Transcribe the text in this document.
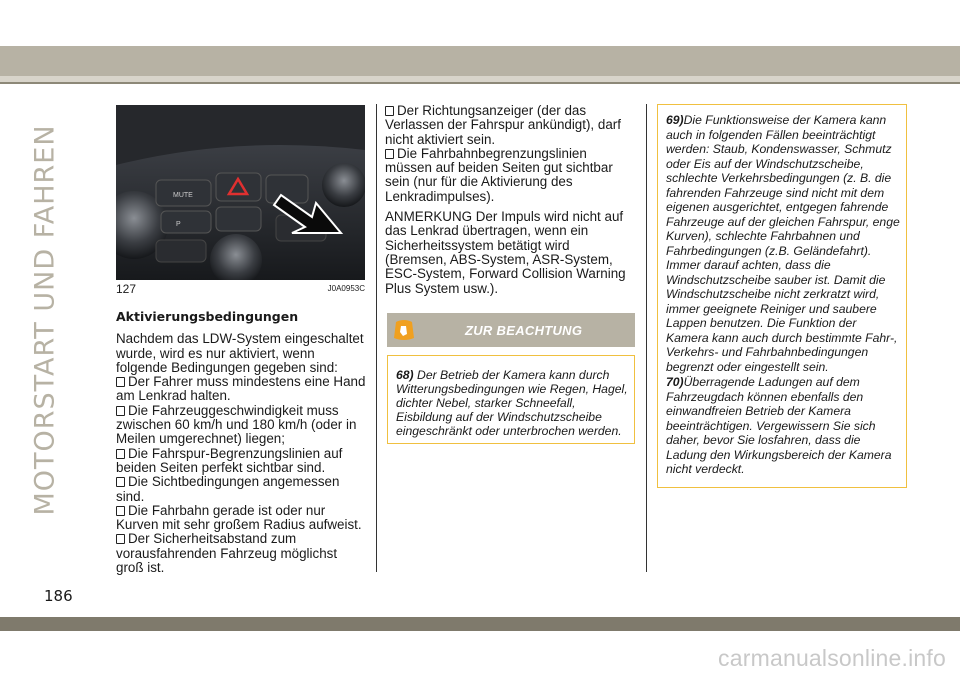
MOTORSTART UND FAHREN	MUTE
P
127	J0A0953C
Aktivierungsbedingungen

Nachdem das LDW-System eingeschaltet wurde, wird es nur aktiviert, wenn folgende Bedingungen gegeben sind:

Der Fahrer muss mindestens eine Hand am Lenkrad halten.

Die Fahrzeuggeschwindigkeit muss zwischen 60 km/h und 180 km/h (oder in Meilen umgerechnet) liegen;

Die Fahrspur-Begrenzungslinien auf beiden Seiten perfekt sichtbar sind.

Die Sichtbedingungen angemessen sind.

Die Fahrbahn gerade ist oder nur Kurven mit sehr großem Radius aufweist.

Der Sicherheitsabstand zum vorausfahrenden Fahrzeug möglichst groß ist.

Der Richtungsanzeiger (der das Verlassen der Fahrspur ankündigt), darf nicht aktiviert sein.

Die Fahrbahnbegrenzungslinien müssen auf beiden Seiten gut sichtbar sein (nur für die Aktivierung des Lenkradimpulses).

ANMERKUNG Der Impuls wird nicht auf das Lenkrad übertragen, wenn ein Sicherheitssystem betätigt wird (Bremsen, ABS-System, ASR-System, ESC-System, Forward Collision Warning Plus System usw.).

ZUR BEACHTUNG
68) Der Betrieb der Kamera kann durch Witterungsbedingungen wie Regen, Hagel, dichter Nebel, starker Schneefall, Eisbildung auf der Windschutzscheibe eingeschränkt oder unterbrochen werden.

69)Die Funktionsweise der Kamera kann auch in folgenden Fällen beeinträchtigt werden: Staub, Kondenswasser, Schmutz oder Eis auf der Windschutzscheibe, schlechte Verkehrsbedingungen (z. B. die fahrenden Fahrzeuge sind nicht mit dem eigenen ausgerichtet, entgegen fahrende Fahrzeuge auf der gleichen Fahrspur, enge Kurven), schlechte Fahrbahnen und Fahrbedingungen (z.B. Geländefahrt). Immer darauf achten, dass die Windschutzscheibe sauber ist. Damit die Windschutzscheibe nicht zerkratzt wird, immer geeignete Reiniger und saubere Lappen benutzen. Die Funktion der Kamera kann auch durch bestimmte Fahr-, Verkehrs- und Fahrbahnbedingungen begrenzt oder eingestellt sein.

70)Überragende Ladungen auf dem Fahrzeugdach können ebenfalls den einwandfreien Betrieb der Kamera beeinträchtigen. Vergewissern Sie sich daher, bevor Sie losfahren, dass die Ladung den Wirkungsbereich der Kamera nicht verdeckt.

186
carmanualsonline.info
